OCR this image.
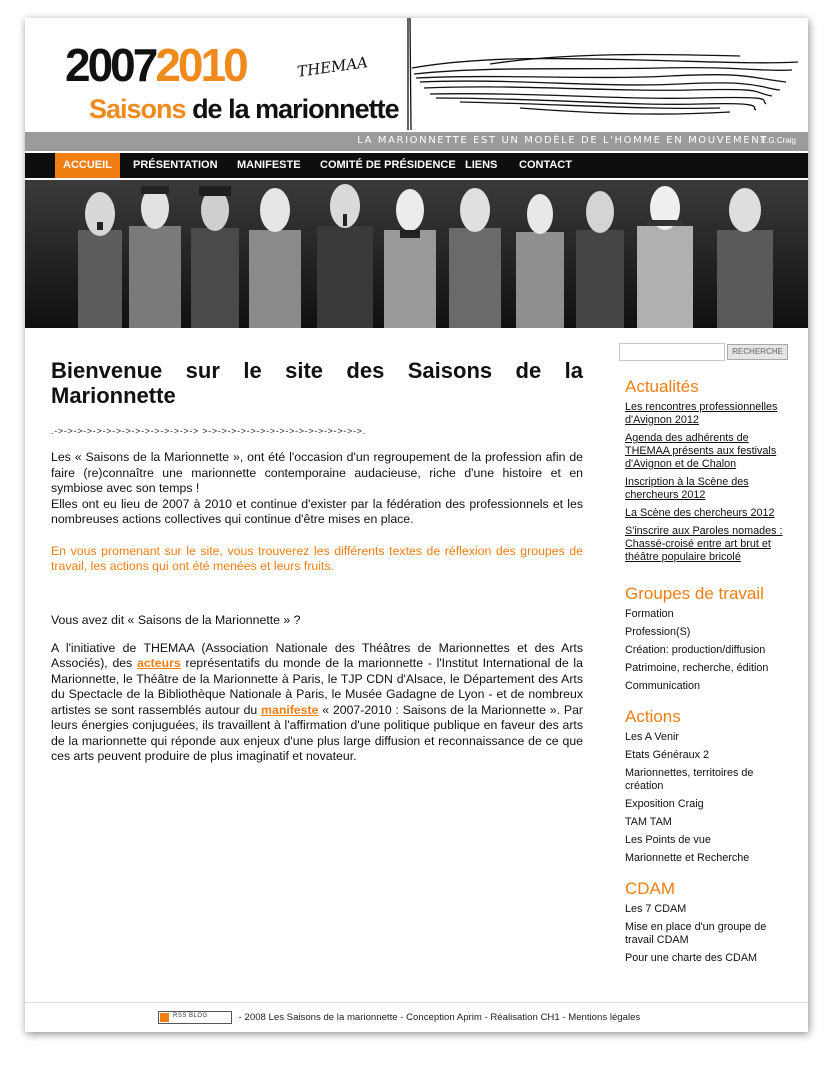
20072010	THEMAA
Saisons de la marionnette
LA MARIONNETTE EST UN MODÈLE DE L'HOMME EN MOUVEMENT
E.G.Craig
ACCUEIL	PRÉSENTATION	MANIFESTE	COMITÉ DE PRÉSIDENCE LIENS	CONTACT
Bienvenue sur le site des Saisons de la Marionnette
.->->->->->->->->->->->->->->-> >->->->->->->->->->->->->->->->->.

Les « Saisons de la Marionnette », ont été l'occasion d'un regroupement de la profession afin de faire (re)connaître une marionnette contemporaine audacieuse, riche d'une histoire et en symbiose avec son temps !
Elles ont eu lieu de 2007 à 2010 et continue d'exister par la fédération des professionnels et les nombreuses actions collectives qui continue d'être mises en place.

En vous promenant sur le site, vous trouverez les différents textes de réflexion des groupes de travail, les actions qui ont été menées et leurs fruits.
Vous avez dit « Saisons de la Marionnette » ?

A l'initiative de THEMAA (Association Nationale des Théâtres de Marionnettes et des Arts Associés), des acteurs représentatifs du monde de la marionnette - l'Institut International de la Marionnette, le Théâtre de la Marionnette à Paris, le TJP CDN d'Alsace, le Département des Arts du Spectacle de la Bibliothèque Nationale à Paris, le Musée Gadagne de Lyon - et de nombreux artistes se sont rassemblés autour du manifeste « 2007-2010 : Saisons de la Marionnette ». Par leurs énergies conjuguées, ils travaillent à l'affirmation d'une politique publique en faveur des arts de la marionnette qui réponde aux enjeux d'une plus large diffusion et reconnaissance de ce que ces arts peuvent produire de plus imaginatif et novateur.

RECHERCHE
Actualités
Les rencontres professionnelles d'Avignon 2012
Agenda des adhérents de THEMAA présents aux festivals d'Avignon et de Chalon
Inscription à la Scène des chercheurs 2012
La Scène des chercheurs 2012
S'inscrire aux Paroles nomades : Chassé-croisé entre art brut et théâtre populaire bricolé
Groupes de travail
Formation
Profession(S)
Création: production/diffusion
Patrimoine, recherche, édition
Communication
Actions
Les A Venir
Etats Généraux 2
Marionnettes, territoires de création
Exposition Craig
TAM TAM
Les Points de vue
Marionnette et Recherche
CDAM
Les 7 CDAM
Mise en place d'un groupe de travail CDAM
Pour une charte des CDAM
RSS BLOG	- 2008 Les Saisons de la marionnette - Conception Aprim - Réalisation CH1 - Mentions légales
